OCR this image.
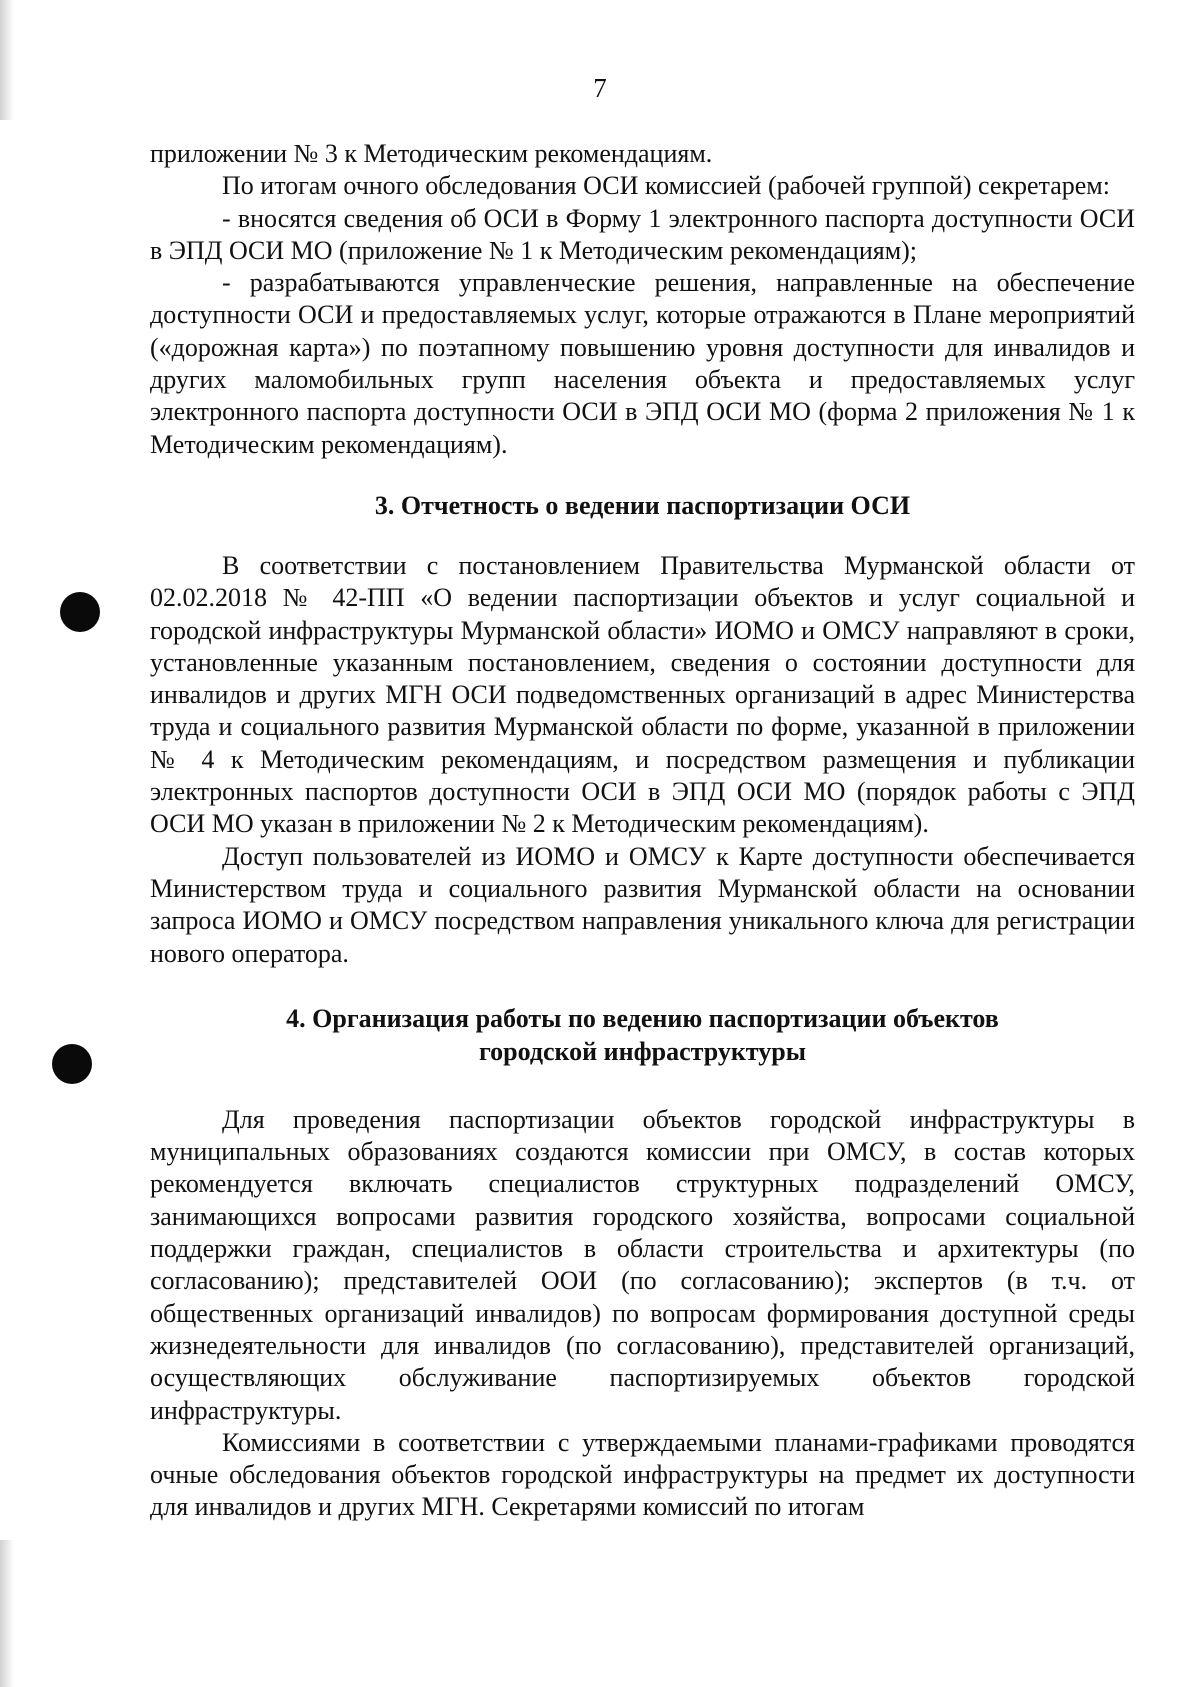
7

приложении № 3 к Методическим рекомендациям.

По итогам очного обследования ОСИ комиссией (рабочей группой) секретарем:

- вносятся сведения об ОСИ в Форму 1 электронного паспорта доступности ОСИ в ЭПД ОСИ МО (приложение № 1 к Методическим рекомендациям);

- разрабатываются управленческие решения, направленные на обеспечение доступности ОСИ и предоставляемых услуг, которые отражаются в Плане мероприятий («дорожная карта») по поэтапному повышению уровня доступности для инвалидов и других маломобильных групп населения объекта и предоставляемых услуг электронного паспорта доступности ОСИ в ЭПД ОСИ МО (форма 2 приложения № 1 к Методическим рекомендациям).

3. Отчетность о ведении паспортизации ОСИ

В соответствии с постановлением Правительства Мурманской области от 02.02.2018 № 42-ПП «О ведении паспортизации объектов и услуг социальной и городской инфраструктуры Мурманской области» ИОМО и ОМСУ направляют в сроки, установленные указанным постановлением, сведения о состоянии доступности для инвалидов и других МГН ОСИ подведомственных организаций в адрес Министерства труда и социального развития Мурманской области по форме, указанной в приложении № 4 к Методическим рекомендациям, и посредством размещения и публикации электронных паспортов доступности ОСИ в ЭПД ОСИ МО (порядок работы с ЭПД ОСИ МО указан в приложении № 2 к Методическим рекомендациям).

Доступ пользователей из ИОМО и ОМСУ к Карте доступности обеспечивается Министерством труда и социального развития Мурманской области на основании запроса ИОМО и ОМСУ посредством направления уникального ключа для регистрации нового оператора.

4. Организация работы по ведению паспортизации объектов
городской инфраструктуры

Для проведения паспортизации объектов городской инфраструктуры в муниципальных образованиях создаются комиссии при ОМСУ, в состав которых рекомендуется включать специалистов структурных подразделений ОМСУ, занимающихся вопросами развития городского хозяйства, вопросами социальной поддержки граждан, специалистов в области строительства и архитектуры (по согласованию); представителей ООИ (по согласованию); экспертов (в т.ч. от общественных организаций инвалидов) по вопросам формирования доступной среды жизнедеятельности для инвалидов (по согласованию), представителей организаций, осуществляющих обслуживание паспортизируемых объектов городской инфраструктуры.

Комиссиями в соответствии с утверждаемыми планами-графиками проводятся очные обследования объектов городской инфраструктуры на предмет их доступности для инвалидов и других МГН. Секретарями комиссий по итогам
